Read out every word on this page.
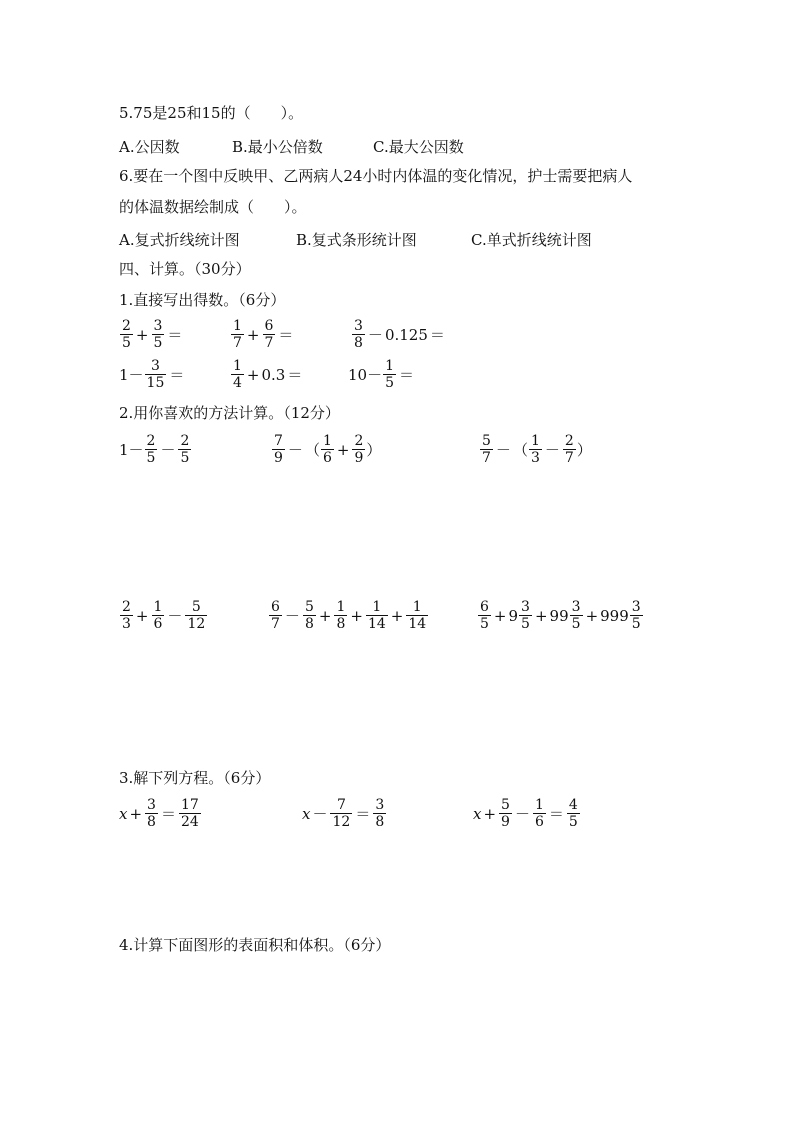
5.75是25和15的（　　）。
A.公因数	B.最小公倍数	C.最大公因数
6.要在一个图中反映甲、乙两病人24小时内体温的变化情况，护士需要把病人
的体温数据绘制成（　　）。
A.复式折线统计图	B.复式条形统计图	C.单式折线统计图
四、计算。（30分）
1.直接写出得数。（6分）
$\frac{2}{5} + \frac{3}{5}$ ＝	$\frac{1}{7} + \frac{6}{7}$ ＝	$\frac{3}{8} - 0.125$ ＝
$1- \frac{3}{15}$ ＝	$\frac{1}{4} + 0.3$ ＝	$10- \frac{1}{5}$ ＝
2.用你喜欢的方法计算。（12分）
$1- \frac{2}{5} - \frac{2}{5}$	$\frac{7}{9}$ － （ $\frac{1}{6} + \frac{2}{9}$ ）	$\frac{5}{7}$ － （ $\frac{1}{3} - \frac{2}{7}$ ）
$\frac{2}{3} + \frac{1}{6} - \frac{5}{12}$	$\frac{6}{7} - \frac{5}{8} + \frac{1}{8} + \frac{1}{14} + \frac{1}{14}$	$\frac{6}{5} + 9 \frac{3}{5} + 99 \frac{3}{5} + 999 \frac{3}{5}$
3.解下列方程。（6分）
$x + \frac{3}{8} = \frac{17}{24}$	$x - \frac{7}{12} = \frac{3}{8}$	$x + \frac{5}{9} - \frac{1}{6} = \frac{4}{5}$
4.计算下面图形的表面积和体积。（6分）
